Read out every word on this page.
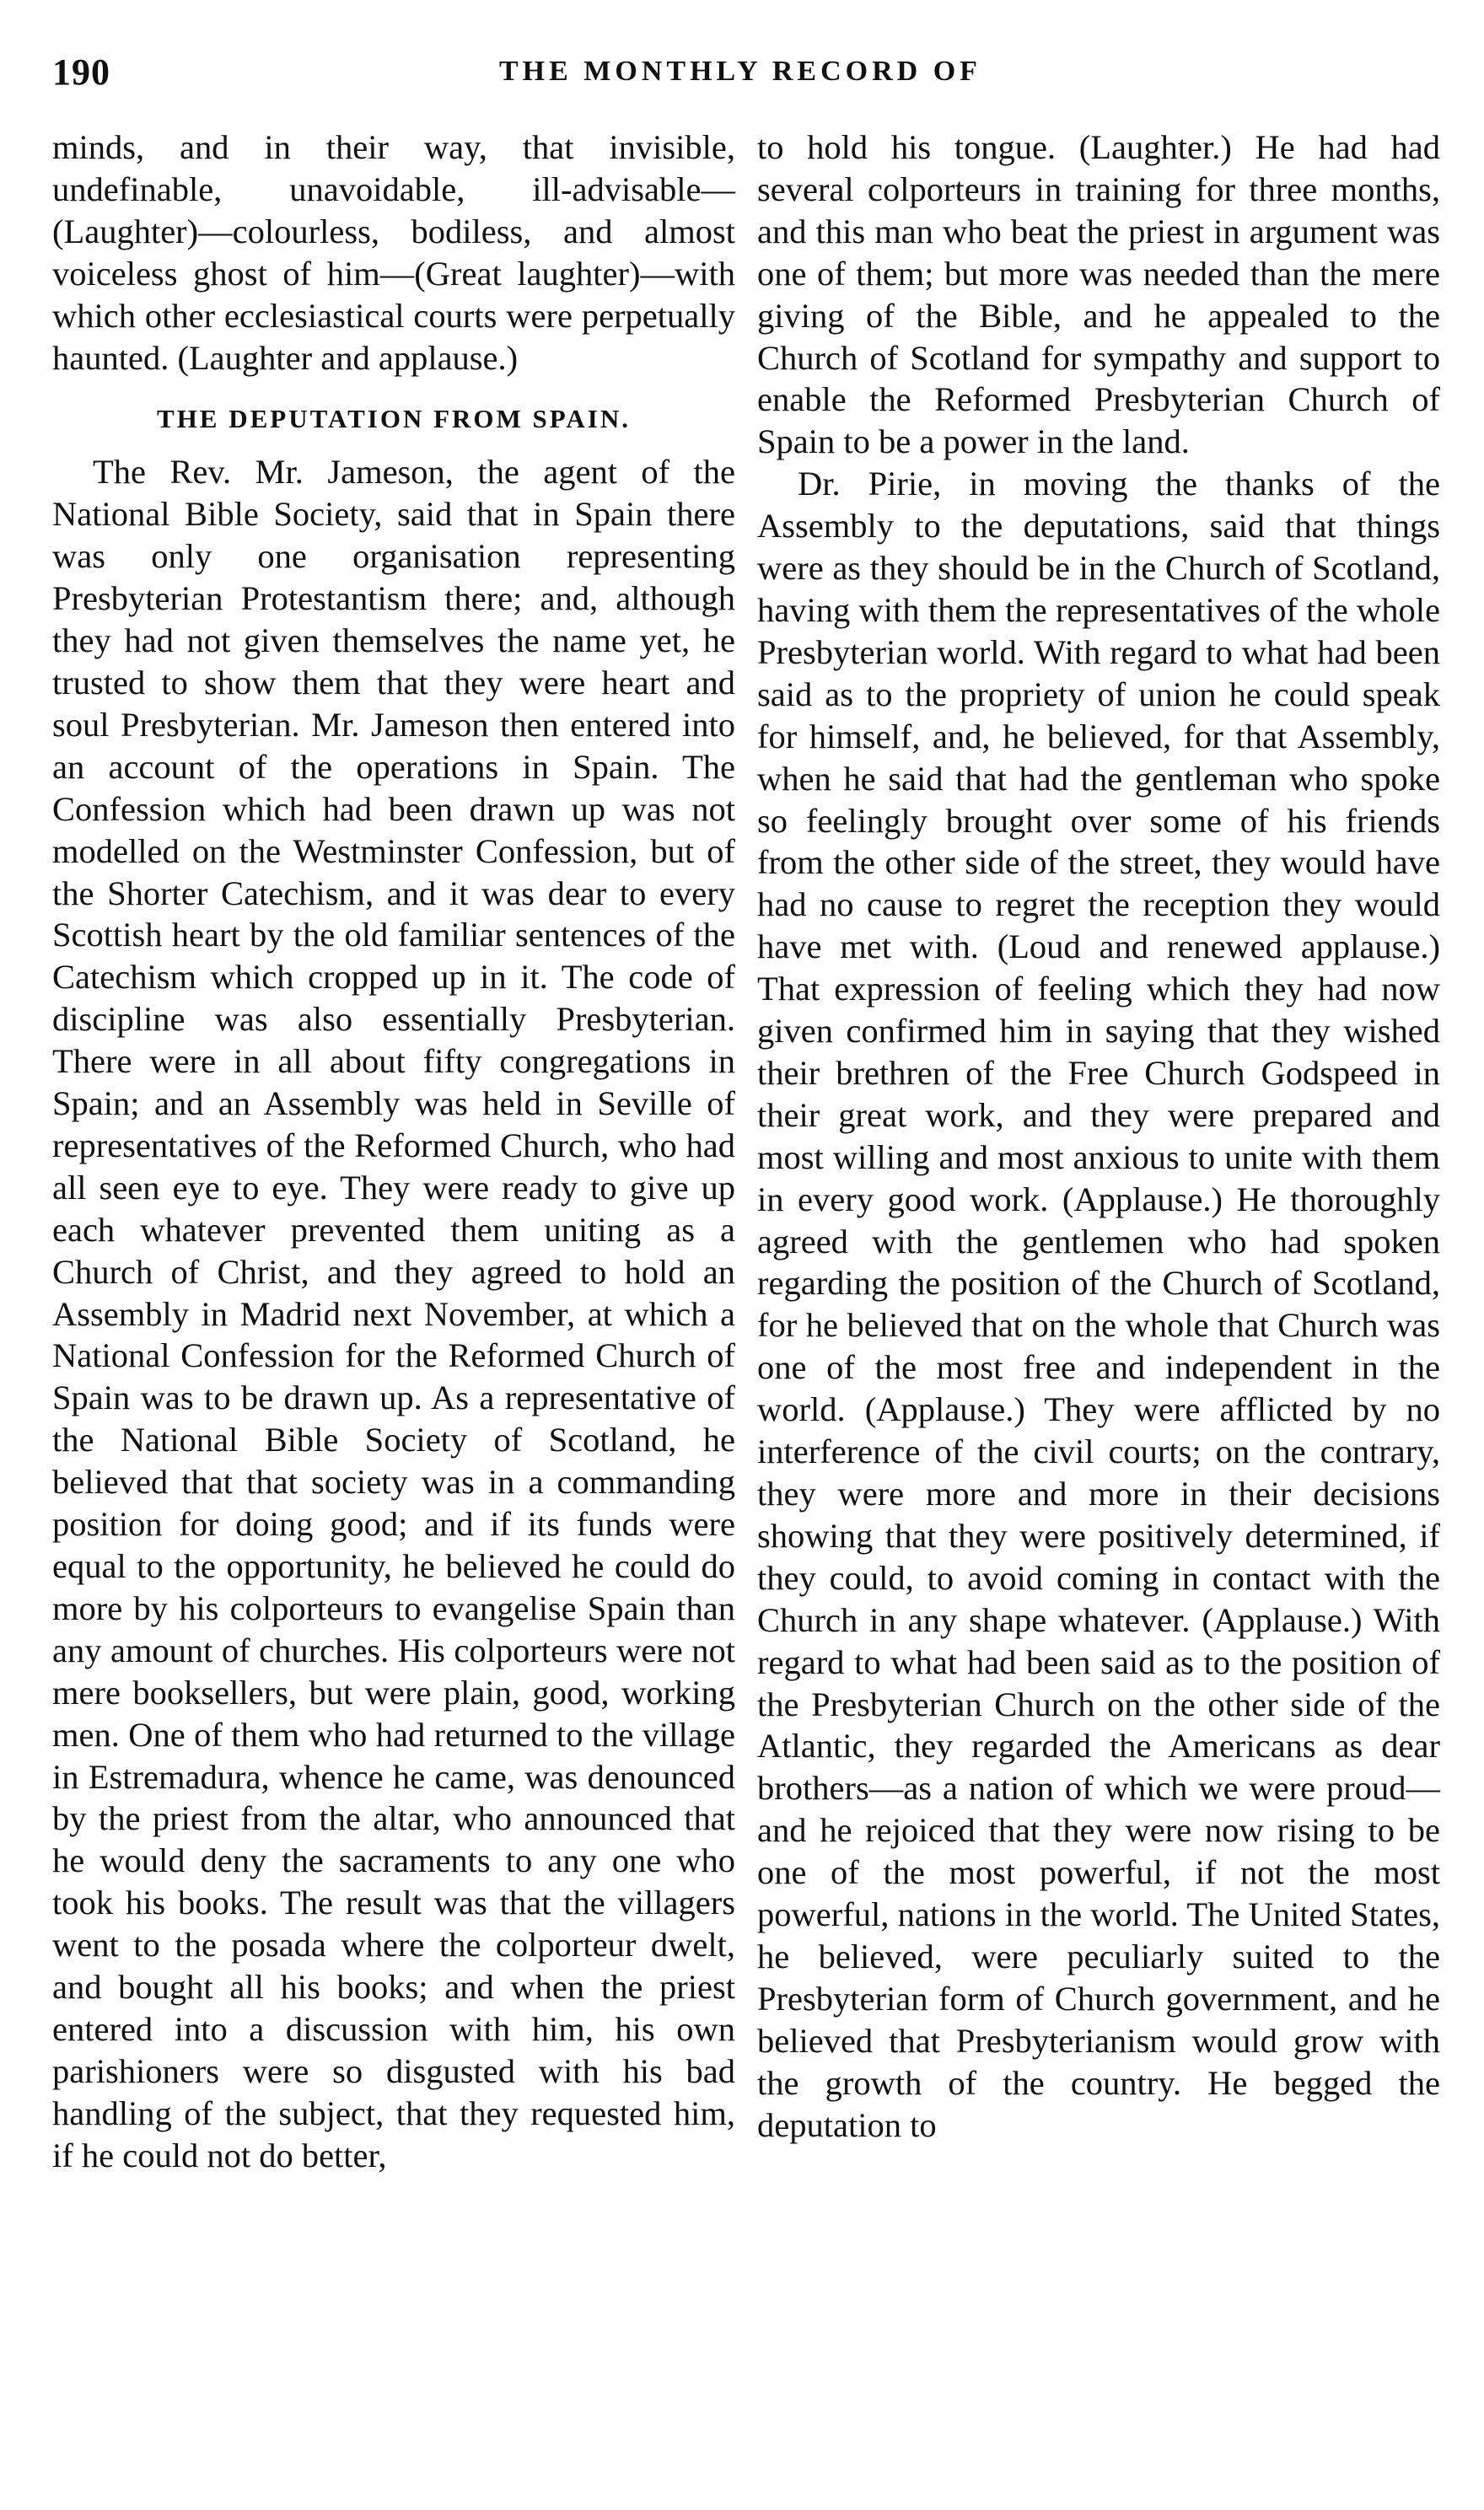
190	THE MONTHLY RECORD OF

minds, and in their way, that invisible, undefinable, unavoidable, ill-advisable—(Laughter)—colourless, bodiless, and almost voiceless ghost of him—(Great laughter)—with which other ecclesiastical courts were perpetually haunted. (Laughter and applause.)

THE DEPUTATION FROM SPAIN.

The Rev. Mr. Jameson, the agent of the National Bible Society, said that in Spain there was only one organisation representing Presbyterian Protestantism there; and, although they had not given themselves the name yet, he trusted to show them that they were heart and soul Presbyterian. Mr. Jameson then entered into an account of the operations in Spain. The Confession which had been drawn up was not modelled on the Westminster Confession, but of the Shorter Catechism, and it was dear to every Scottish heart by the old familiar sentences of the Catechism which cropped up in it. The code of discipline was also essentially Presbyterian. There were in all about fifty congregations in Spain; and an Assembly was held in Seville of representatives of the Reformed Church, who had all seen eye to eye. They were ready to give up each whatever prevented them uniting as a Church of Christ, and they agreed to hold an Assembly in Madrid next November, at which a National Confession for the Reformed Church of Spain was to be drawn up. As a representative of the National Bible Society of Scotland, he believed that that society was in a commanding position for doing good; and if its funds were equal to the opportunity, he believed he could do more by his colporteurs to evangelise Spain than any amount of churches. His colporteurs were not mere booksellers, but were plain, good, working men. One of them who had returned to the village in Estremadura, whence he came, was denounced by the priest from the altar, who announced that he would deny the sacraments to any one who took his books. The result was that the villagers went to the posada where the colporteur dwelt, and bought all his books; and when the priest entered into a discussion with him, his own parishioners were so disgusted with his bad handling of the subject, that they requested him, if he could not do better,

to hold his tongue. (Laughter.) He had had several colporteurs in training for three months, and this man who beat the priest in argument was one of them; but more was needed than the mere giving of the Bible, and he appealed to the Church of Scotland for sympathy and support to enable the Reformed Presbyterian Church of Spain to be a power in the land.

Dr. Pirie, in moving the thanks of the Assembly to the deputations, said that things were as they should be in the Church of Scotland, having with them the representatives of the whole Presbyterian world. With regard to what had been said as to the propriety of union he could speak for himself, and, he believed, for that Assembly, when he said that had the gentleman who spoke so feelingly brought over some of his friends from the other side of the street, they would have had no cause to regret the reception they would have met with. (Loud and renewed applause.) That expression of feeling which they had now given confirmed him in saying that they wished their brethren of the Free Church Godspeed in their great work, and they were prepared and most willing and most anxious to unite with them in every good work. (Applause.) He thoroughly agreed with the gentlemen who had spoken regarding the position of the Church of Scotland, for he believed that on the whole that Church was one of the most free and independent in the world. (Applause.) They were afflicted by no interference of the civil courts; on the contrary, they were more and more in their decisions showing that they were positively determined, if they could, to avoid coming in contact with the Church in any shape whatever. (Applause.) With regard to what had been said as to the position of the Presbyterian Church on the other side of the Atlantic, they regarded the Americans as dear brothers—as a nation of which we were proud—and he rejoiced that they were now rising to be one of the most powerful, if not the most powerful, nations in the world. The United States, he believed, were peculiarly suited to the Presbyterian form of Church government, and he believed that Presbyterianism would grow with the growth of the country. He begged the deputation to
